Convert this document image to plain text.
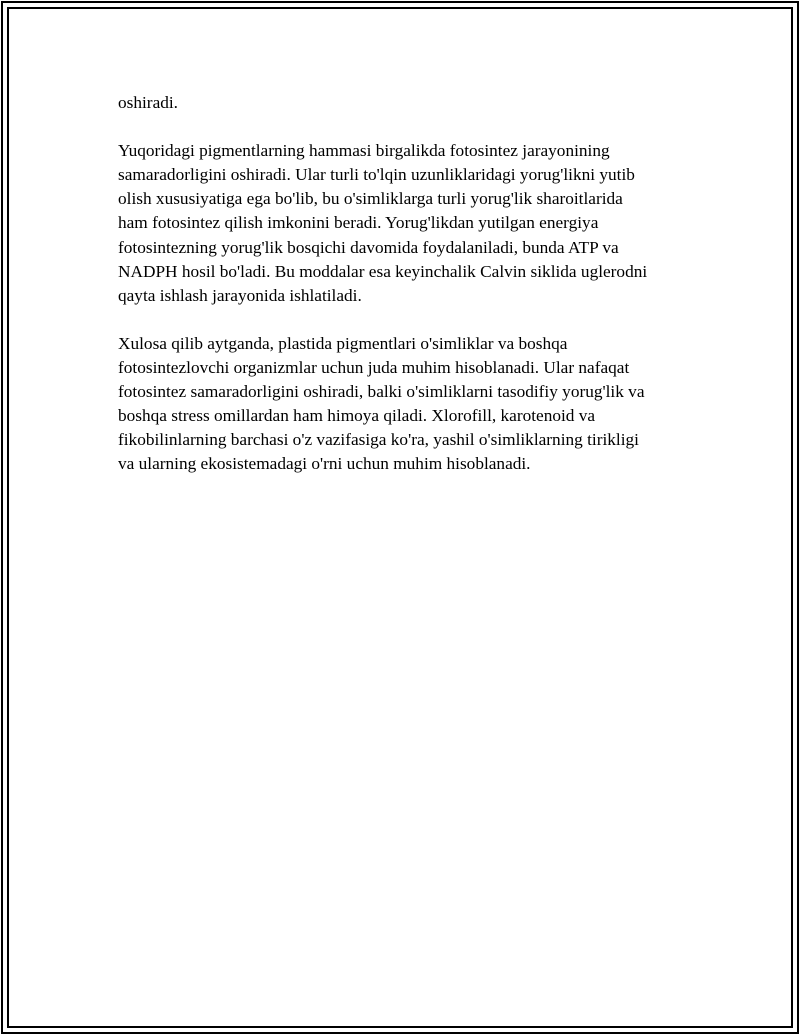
oshiradi.

Yuqoridagi pigmentlarning hammasi birgalikda fotosintez jarayonining
samaradorligini oshiradi. Ular turli to'lqin uzunliklaridagi yorug'likni yutib
olish xususiyatiga ega bo'lib, bu o'simliklarga turli yorug'lik sharoitlarida
ham fotosintez qilish imkonini beradi. Yorug'likdan yutilgan energiya
fotosintezning yorug'lik bosqichi davomida foydalaniladi, bunda ATP va
NADPH hosil bo'ladi. Bu moddalar esa keyinchalik Calvin siklida uglerodni
qayta ishlash jarayonida ishlatiladi.

Xulosa qilib aytganda, plastida pigmentlari o'simliklar va boshqa
fotosintezlovchi organizmlar uchun juda muhim hisoblanadi. Ular nafaqat
fotosintez samaradorligini oshiradi, balki o'simliklarni tasodifiy yorug'lik va
boshqa stress omillardan ham himoya qiladi. Xlorofill, karotenoid va
fikobilinlarning barchasi o'z vazifasiga ko'ra, yashil o'simliklarning tirikligi
va ularning ekosistemadagi o'rni uchun muhim hisoblanadi.
